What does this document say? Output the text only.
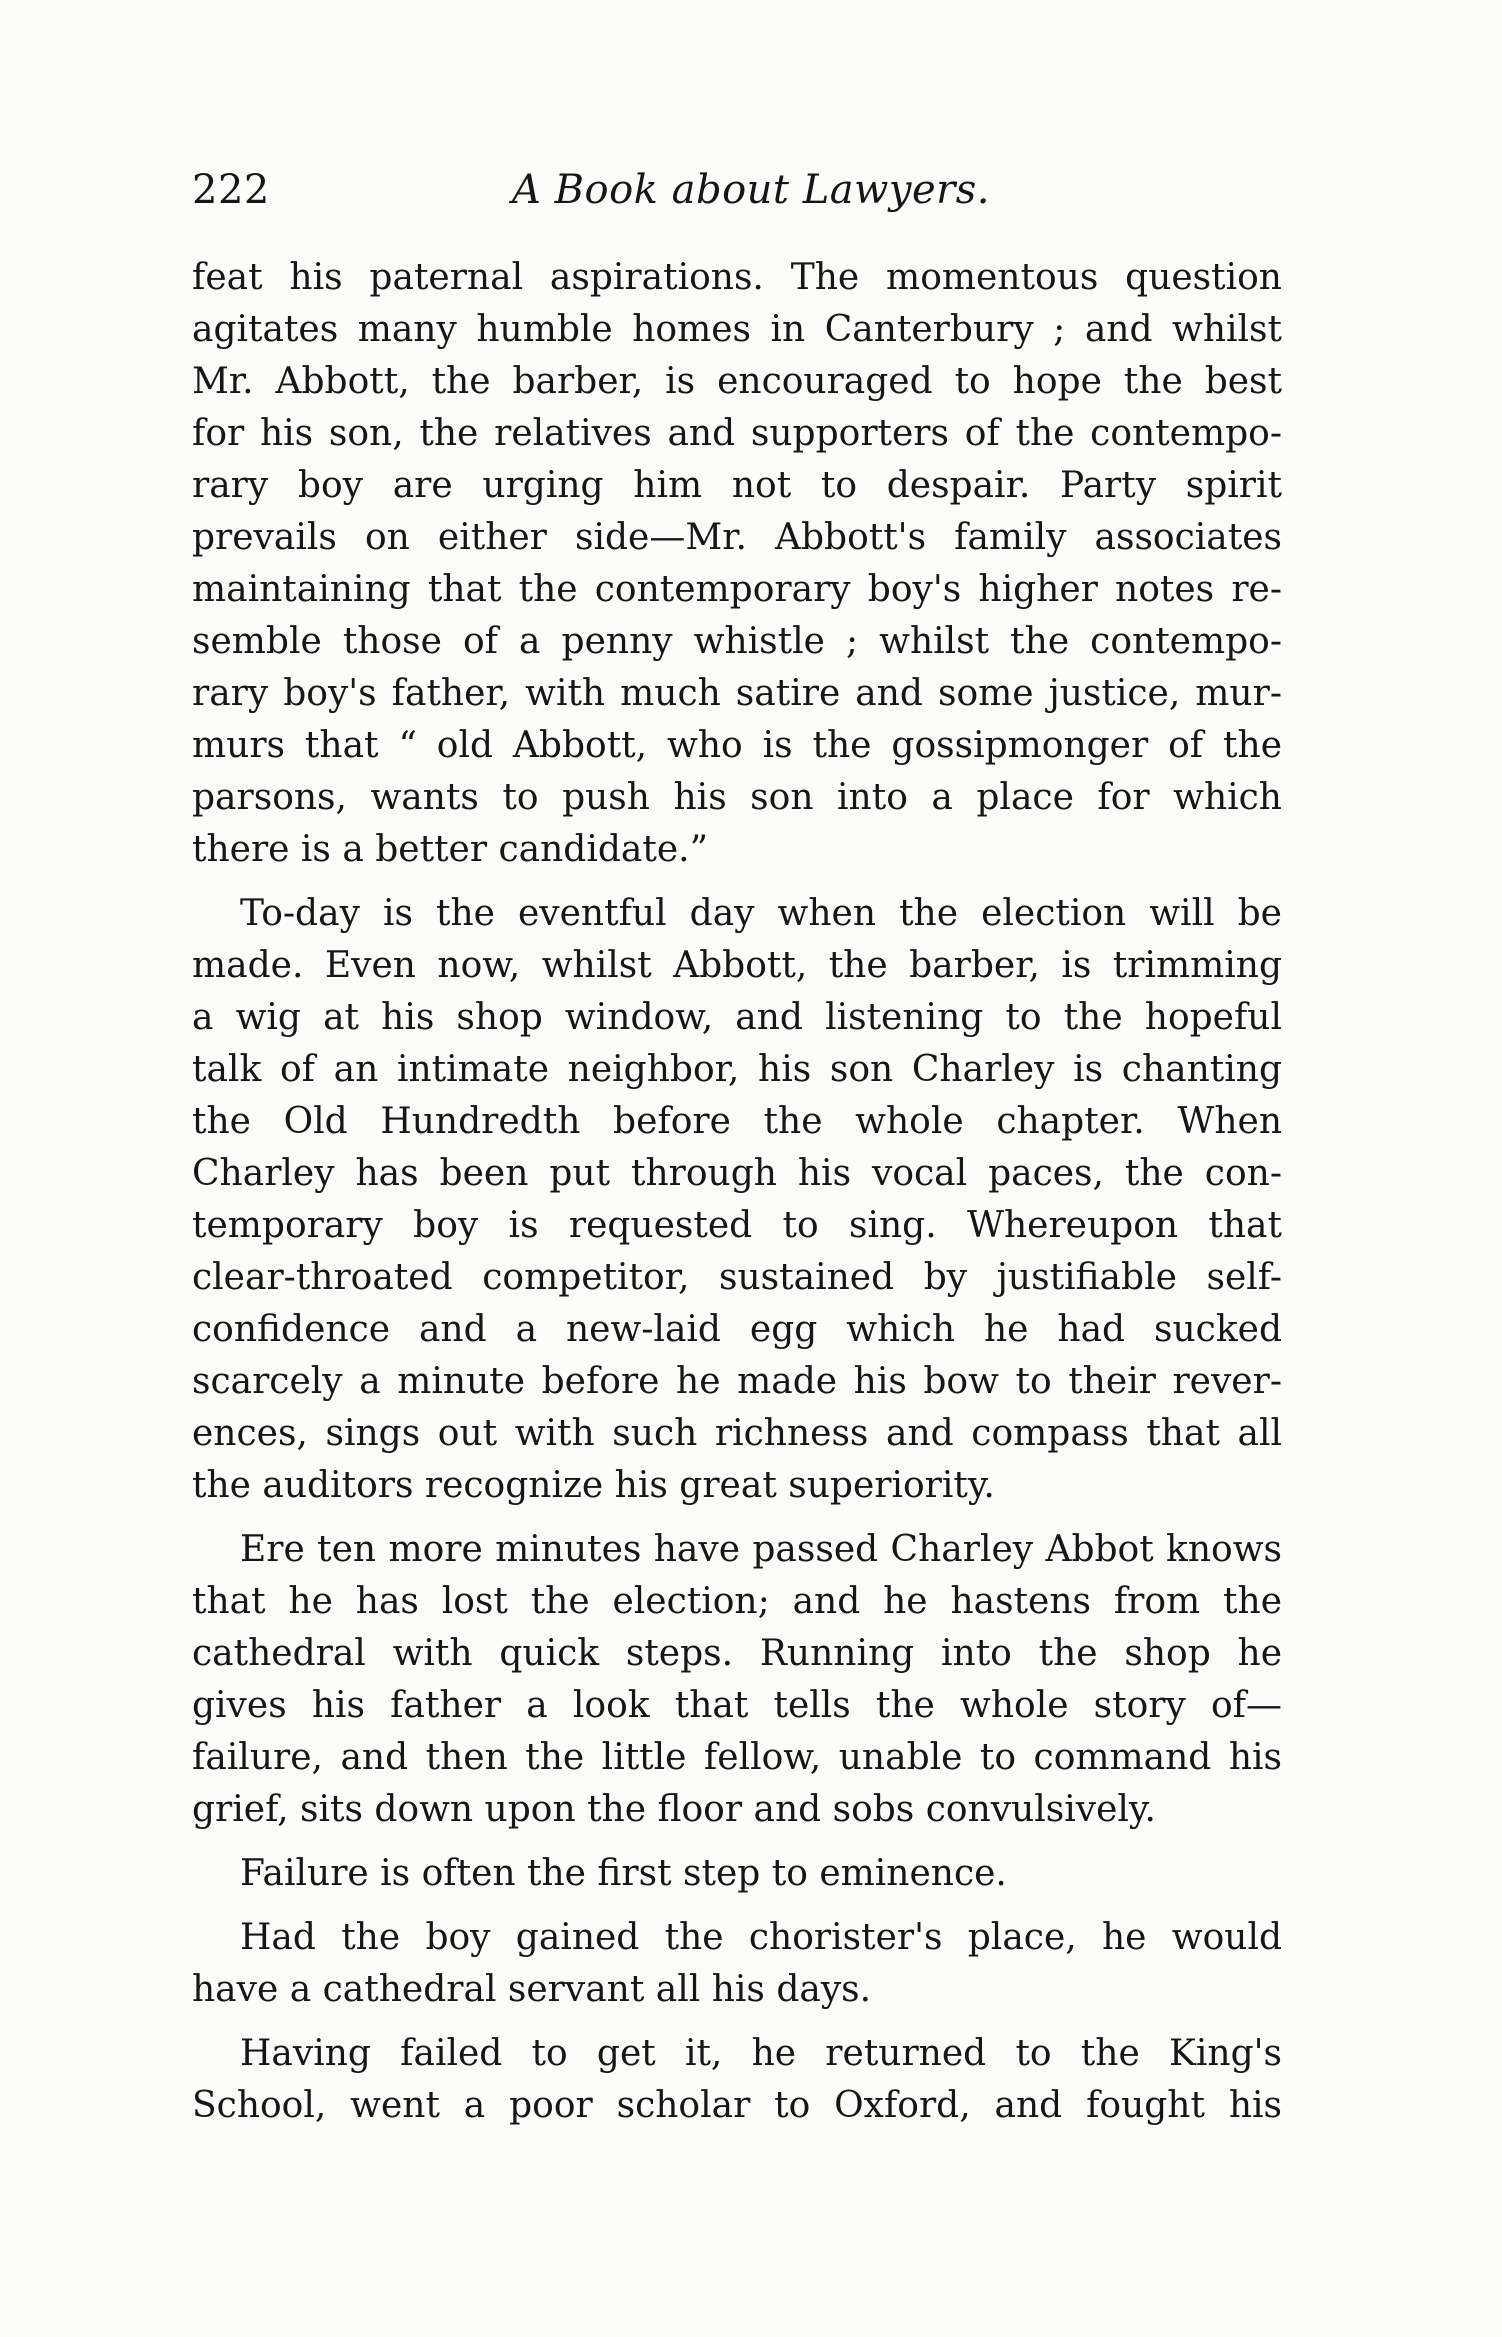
222	A Book about Lawyers.
feat his paternal aspirations. The momentous question
agitates many humble homes in Canterbury ; and whilst
Mr. Abbott, the barber, is encouraged to hope the best
for his son, the relatives and supporters of the contempo-
rary boy are urging him not to despair. Party spirit
prevails on either side—Mr. Abbott's family associates
maintaining that the contemporary boy's higher notes re-
semble those of a penny whistle ; whilst the contempo-
rary boy's father, with much satire and some justice, mur-
murs that “ old Abbott, who is the gossipmonger of the
parsons, wants to push his son into a place for which
there is a better candidate.”
To-day is the eventful day when the election will be
made. Even now, whilst Abbott, the barber, is trimming
a wig at his shop window, and listening to the hopeful
talk of an intimate neighbor, his son Charley is chanting
the Old Hundredth before the whole chapter. When
Charley has been put through his vocal paces, the con-
temporary boy is requested to sing. Whereupon that
clear-throated competitor, sustained by justifiable self-
confidence and a new-laid egg which he had sucked
scarcely a minute before he made his bow to their rever-
ences, sings out with such richness and compass that all
the auditors recognize his great superiority.
Ere ten more minutes have passed Charley Abbot knows
that he has lost the election; and he hastens from the
cathedral with quick steps. Running into the shop he
gives his father a look that tells the whole story of—
failure, and then the little fellow, unable to command his
grief, sits down upon the floor and sobs convulsively.
Failure is often the first step to eminence.
Had the boy gained the chorister's place, he would
have a cathedral servant all his days.
Having failed to get it, he returned to the King's
School, went a poor scholar to Oxford, and fought his
